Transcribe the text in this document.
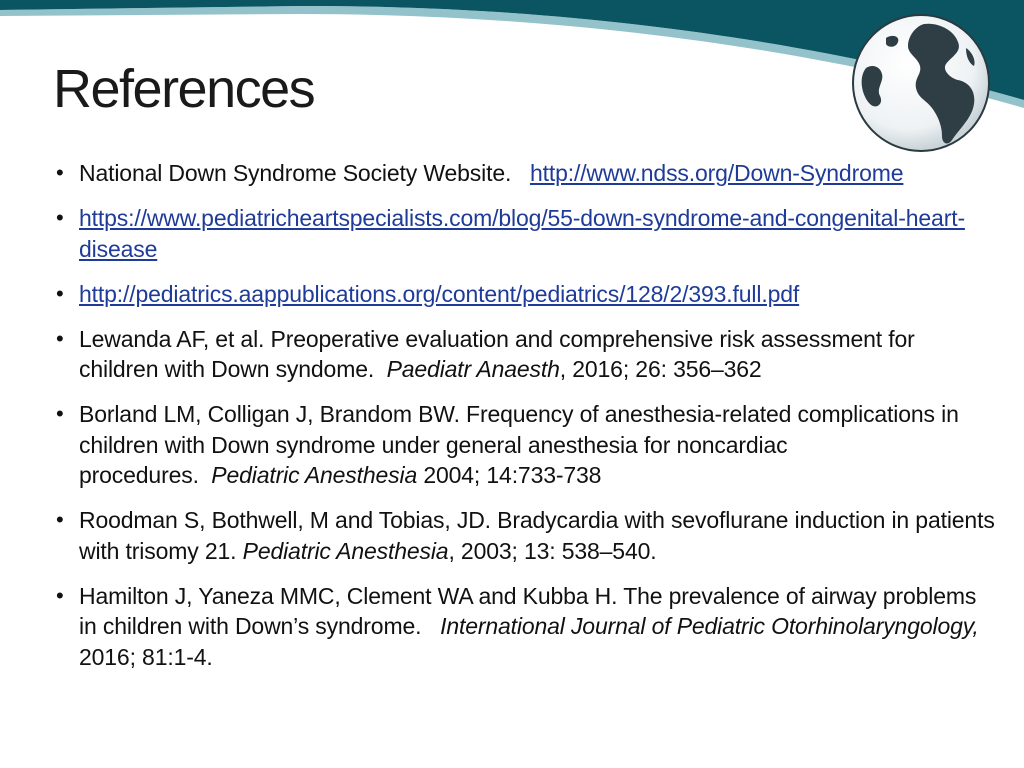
References
• National Down Syndrome Society Website. http://www.ndss.org/Down-Syndrome
• https://www.pediatricheartspecialists.com/blog/55-down-syndrome-and-congenital-heart-disease
• http://pediatrics.aappublications.org/content/pediatrics/128/2/393.full.pdf
• Lewanda AF, et al. Preoperative evaluation and comprehensive risk assessment for children with Down syndome. Paediatr Anaesth, 2016; 26: 356–362
• Borland LM, Colligan J, Brandom BW. Frequency of anesthesia-related complications in children with Down syndrome under general anesthesia for noncardiac procedures. Pediatric Anesthesia 2004; 14:733-738
• Roodman S, Bothwell, M and Tobias, JD. Bradycardia with sevoflurane induction in patients with trisomy 21. Pediatric Anesthesia, 2003; 13: 538–540.
• Hamilton J, Yaneza MMC, Clement WA and Kubba H. The prevalence of airway problems in children with Down’s syndrome. International Journal of Pediatric Otorhinolaryngology, 2016; 81:1-4.
